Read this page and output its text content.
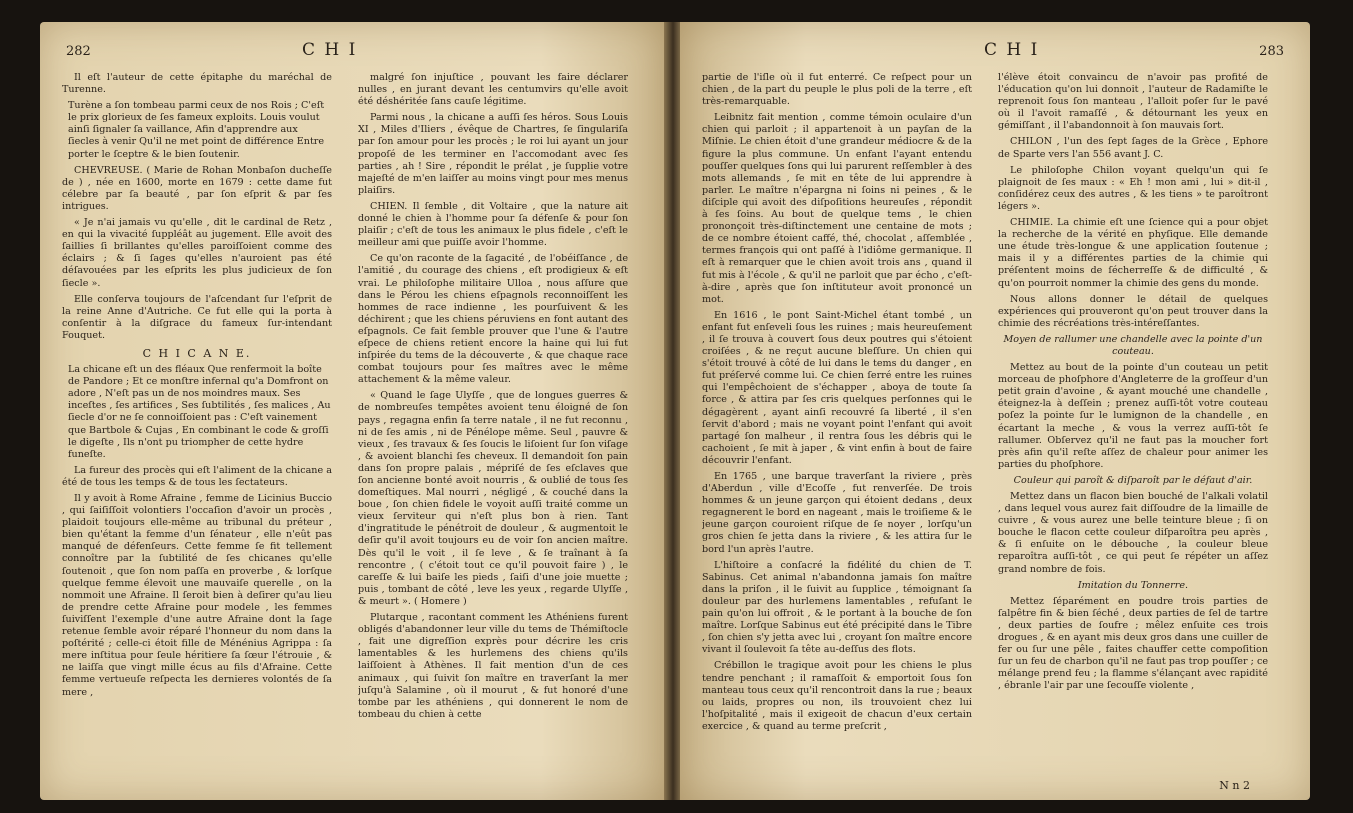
282	C H I

Il eſt l'auteur de cette épitaphe du maréchal de Turenne.

Turène a ſon tombeau parmi ceux de nos Rois ; C'eſt le prix glorieux de ſes fameux exploits. Louis voulut ainſi ſignaler ſa vaillance, Afin d'apprendre aux ſiecles à venir Qu'il ne met point de différence Entre porter le ſceptre & le bien ſoutenir.

CHEVREUSE. ( Marie de Rohan Monbaſon ducheſſe de ) , née en 1600, morte en 1679 : cette dame fut célebre par ſa beauté , par ſon eſprit & par ſes intrigues.

« Je n'ai jamais vu qu'elle , dit le cardinal de Retz , en qui la vivacité ſuppléât au jugement. Elle avoit des ſaillies ſi brillantes qu'elles paroiſſoient comme des éclairs ; & ſi ſages qu'elles n'auroient pas été déſavouées par les eſprits les plus judicieux de ſon ſiecle ».

Elle conſerva toujours de l'aſcendant ſur l'eſprit de la reine Anne d'Autriche. Ce fut elle qui la porta à conſentir à la diſgrace du fameux ſur-intendant Fouquet.

C H I C A N E.

La chicane eſt un des fléaux Que renfermoit la boîte de Pandore ; Et ce monſtre infernal qu'a Domfront on adore , N'eſt pas un de nos moindres maux. Ses inceſtes , ſes artifices , Ses ſubtilités , ſes malices , Au ſiecle d'or ne ſe connoiſſoient pas : C'eſt vainement que Bartbole & Cujas , En combinant le code & groſſi le digeſte , Ils n'ont pu triompher de cette hydre funeſte.

La fureur des procès qui eſt l'aliment de la chicane a été de tous les temps & de tous les ſectateurs.

Il y avoit à Rome Afraine , femme de Licinius Buccio , qui ſaiſiſſoit volontiers l'occaſion d'avoir un procès , plaidoit toujours elle-même au tribunal du préteur , bien qu'étant la femme d'un ſénateur , elle n'eût pas manqué de défenſeurs. Cette femme ſe fit tellement connoître par la ſubtilité de ſes chicanes qu'elle ſoutenoit , que ſon nom paſſa en proverbe , & lorſque quelque femme élevoit une mauvaiſe querelle , on la nommoit une Afraine. Il ſeroit bien à deſirer qu'au lieu de prendre cette Afraine pour modele , les femmes ſuiviſſent l'exemple d'une autre Afraine dont la ſage retenue ſemble avoir réparé l'honneur du nom dans la poſtérité ; celle-ci étoit fille de Ménénius Agrippa : ſa mere inſtitua pour ſeule héritiere ſa ſœur l'étrouie , & ne laiſſa que vingt mille écus au fils d'Afraine. Cette femme vertueuſe reſpecta les dernieres volontés de ſa mere ,

malgré ſon injuſtice , pouvant les faire déclarer nulles , en jurant devant les centumvirs qu'elle avoit été déshéritée ſans cauſe légitime.

Parmi nous , la chicane a auſſi ſes héros. Sous Louis XI , Miles d'Iliers , évêque de Chartres, ſe ſingulariſa par ſon amour pour les procès ; le roi lui ayant un jour propoſé de les terminer en l'accomodant avec ſes parties , ah ! Sire , répondit le prélat , je ſupplie votre majeſté de m'en laiſſer au moins vingt pour mes menus plaiſirs.

CHIEN. Il ſemble , dit Voltaire , que la nature ait donné le chien à l'homme pour ſa défenſe & pour ſon plaiſir ; c'eſt de tous les animaux le plus fidele , c'eſt le meilleur ami que puiſſe avoir l'homme.

Ce qu'on raconte de la ſagacité , de l'obéiſſance , de l'amitié , du courage des chiens , eſt prodigieux & eſt vrai. Le philoſophe militaire Ulloa , nous aſſure que dans le Pérou les chiens eſpagnols reconnoiſſent les hommes de race indienne , les pourſuivent & les déchirent ; que les chiens péruviens en font autant des eſpagnols. Ce fait ſemble prouver que l'une & l'autre eſpece de chiens retient encore la haine qui lui fut inſpirée du tems de la découverte , & que chaque race combat toujours pour ſes maîtres avec le même attachement & la même valeur.

« Quand le ſage Ulyſſe , que de longues guerres & de nombreuſes tempêtes avoient tenu éloigné de ſon pays , regagna enfin ſa terre natale , il ne fut reconnu , ni de ſes amis , ni de Pénélope même. Seul , pauvre & vieux , ſes travaux & ſes ſoucis le liſoient ſur ſon viſage , & avoient blanchi ſes cheveux. Il demandoit ſon pain dans ſon propre palais , mépriſé de ſes eſclaves que ſon ancienne bonté avoit nourris , & oublié de tous ſes domeſtiques. Mal nourri , négligé , & couché dans la boue , ſon chien fidele le voyoit auſſi traité comme un vieux ſerviteur qui n'eſt plus bon à rien. Tant d'ingratitude le pénétroit de douleur , & augmentoit le deſir qu'il avoit toujours eu de voir ſon ancien maître. Dès qu'il le voit , il ſe leve , & ſe traînant à ſa rencontre , ( c'étoit tout ce qu'il pouvoit faire ) , le careſſe & lui baiſe les pieds , ſaiſi d'une joie muette ; puis , tombant de côté , leve les yeux , regarde Ulyſſe , & meurt ». ( Homere )

Plutarque , racontant comment les Athéniens furent obligés d'abandonner leur ville du tems de Thémiſtocle , fait une digreſſion exprès pour décrire les cris lamentables & les hurlemens des chiens qu'ils laiſſoient à Athènes. Il fait mention d'un de ces animaux , qui ſuivit ſon maître en traverſant la mer juſqu'à Salamine , où il mourut , & fut honoré d'une tombe par les athéniens , qui donnerent le nom de tombeau du chien à cette

C H I	283

partie de l'iſle où il fut enterré. Ce reſpect pour un chien , de la part du peuple le plus poli de la terre , eſt très-remarquable.

Leibnitz fait mention , comme témoin oculaire d'un chien qui parloit ; il appartenoit à un payſan de la Miſnie. Le chien étoit d'une grandeur médiocre & de la figure la plus commune. Un enfant l'ayant entendu pouſſer quelques ſons qui lui parurent reſſembler à des mots allemands , ſe mit en tête de lui apprendre à parler. Le maître n'épargna ni ſoins ni peines , & le diſciple qui avoit des diſpoſitions heureuſes , répondit à ſes ſoins. Au bout de quelque tems , le chien prononçoit très-diſtinctement une centaine de mots ; de ce nombre étoient caffé, thé, chocolat , aſſemblée , termes françois qui ont paſſé à l'idiôme germanique. Il eſt à remarquer que le chien avoit trois ans , quand il fut mis à l'école , & qu'il ne parloit que par écho , c'eſt-à-dire , après que ſon inſtituteur avoit prononcé un mot.

En 1616 , le pont Saint-Michel étant tombé , un enfant fut enſeveli ſous les ruines ; mais heureuſement , il ſe trouva à couvert ſous deux poutres qui s'étoient croiſées , & ne reçut aucune bleſſure. Un chien qui s'étoit trouvé à côté de lui dans le tems du danger , en fut préſervé comme lui. Ce chien ſerré entre les ruines qui l'empêchoient de s'échapper , aboya de toute ſa force , & attira par ſes cris quelques perſonnes qui le dégagèrent , ayant ainſi recouvré ſa liberté , il s'en ſervit d'abord ; mais ne voyant point l'enfant qui avoit partagé ſon malheur , il rentra ſous les débris qui le cachoient , ſe mit à japer , & vint enfin à bout de faire découvrir l'enfant.

En 1765 , une barque traverſant la riviere , près d'Aberdun , ville d'Ecoſſe , fut renverſée. De trois hommes & un jeune garçon qui étoient dedans , deux regagnerent le bord en nageant , mais le troiſieme & le jeune garçon couroient riſque de ſe noyer , lorſqu'un gros chien ſe jetta dans la riviere , & les attira ſur le bord l'un après l'autre.

L'hiſtoire a conſacré la fidélité du chien de T. Sabinus. Cet animal n'abandonna jamais ſon maître dans la priſon , il le ſuivit au ſupplice , témoignant ſa douleur par des hurlemens lamentables , refuſant le pain qu'on lui offroit , & le portant à la bouche de ſon maître. Lorſque Sabinus eut été précipité dans le Tibre , ſon chien s'y jetta avec lui , croyant ſon maître encore vivant il ſoulevoit ſa tête au-deſſus des flots.

Crébillon le tragique avoit pour les chiens le plus tendre penchant ; il ramaſſoit & emportoit ſous ſon manteau tous ceux qu'il rencontroit dans la rue ; beaux ou laids, propres ou non, ils trouvoient chez lui l'hoſpitalité , mais il exigeoit de chacun d'eux certain exercice , & quand au terme preſcrit ,

l'élève étoit convaincu de n'avoir pas profité de l'éducation qu'on lui donnoit , l'auteur de Radamiſte le reprenoit ſous ſon manteau , l'alloit poſer ſur le pavé où il l'avoit ramaſſé , & détournant les yeux en gémiſſant , il l'abandonnoit à ſon mauvais ſort.

CHILON , l'un des ſept ſages de la Grèce , Ephore de Sparte vers l'an 556 avant J. C.

Le philoſophe Chilon voyant quelqu'un qui ſe plaignoit de ſes maux : « Eh ! mon ami , lui » dit-il , conſidérez ceux des autres , & les tiens » te paroîtront légers ».

CHIMIE. La chimie eſt une ſcience qui a pour objet la recherche de la vérité en phyſique. Elle demande une étude très-longue & une application ſoutenue ; mais il y a différentes parties de la chimie qui préſentent moins de ſécherreſſe & de difficulté , & qu'on pourroit nommer la chimie des gens du monde.

Nous allons donner le détail de quelques expériences qui prouveront qu'on peut trouver dans la chimie des récréations très-intéreſſantes.

Moyen de rallumer une chandelle avec la pointe d'un couteau.

Mettez au bout de la pointe d'un couteau un petit morceau de phoſphore d'Angleterre de la groſſeur d'un petit grain d'avoine , & ayant mouché une chandelle , éteignez-la à deſſein ; prenez auſſi-tôt votre couteau poſez la pointe ſur le lumignon de la chandelle , en écartant la meche , & vous la verrez auſſi-tôt ſe rallumer. Obſervez qu'il ne faut pas la moucher fort près afin qu'il reſte aſſez de chaleur pour animer les parties du phoſphore.

Couleur qui paroît & diſparoît par le défaut d'air.

Mettez dans un flacon bien bouché de l'alkali volatil , dans lequel vous aurez fait diſſoudre de la limaille de cuivre , & vous aurez une belle teinture bleue ; ſi on bouche le flacon cette couleur diſparoîtra peu après , & ſi enſuite on le débouche , la couleur bleue reparoîtra auſſi-tôt , ce qui peut ſe répéter un aſſez grand nombre de fois.

Imitation du Tonnerre.

Mettez ſéparément en poudre trois parties de ſalpêtre fin & bien ſéché , deux parties de ſel de tartre , deux parties de ſoufre ; mêlez enſuite ces trois drogues , & en ayant mis deux gros dans une cuiller de fer ou ſur une pêle , faites chauffer cette compoſition ſur un feu de charbon qu'il ne faut pas trop pouſſer ; ce mélange prend feu ; la flamme s'élançant avec rapidité , ébranle l'air par une ſecouſſe violente ,

N n 2
